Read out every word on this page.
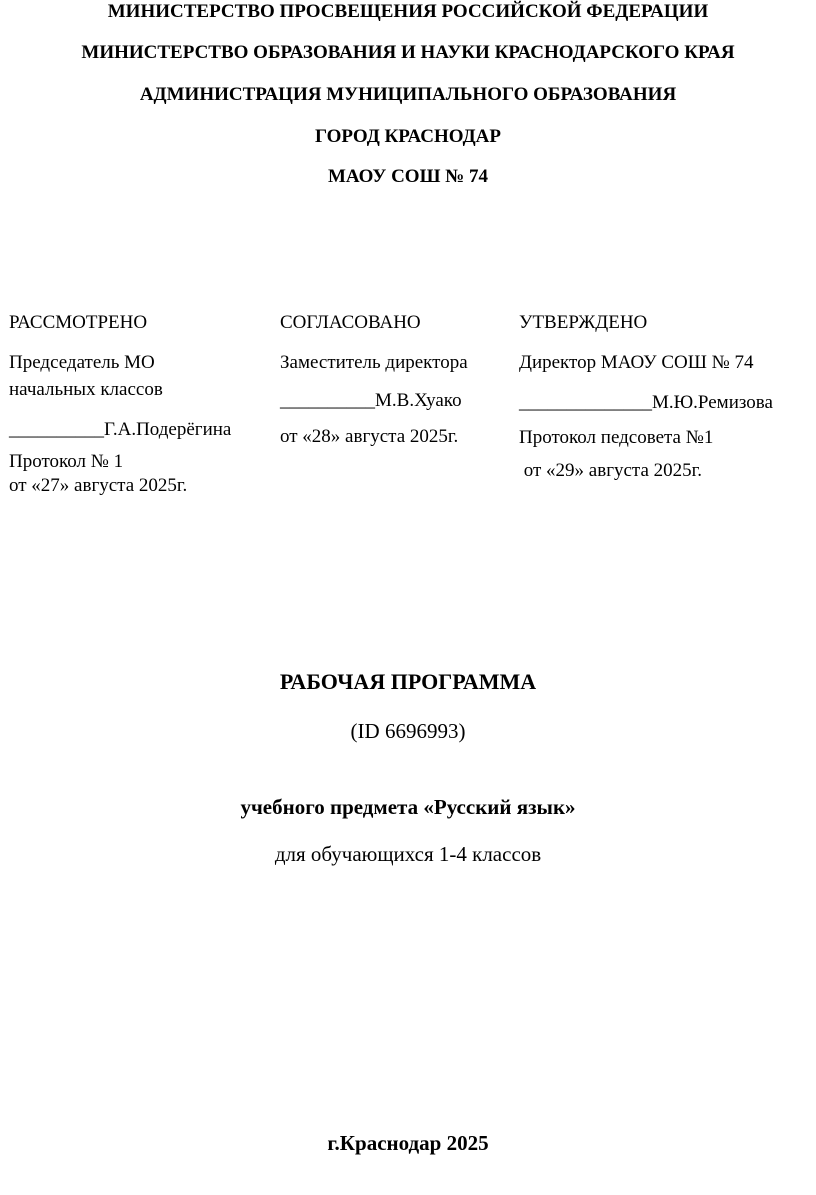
МИНИСТЕРСТВО ПРОСВЕЩЕНИЯ РОССИЙСКОЙ ФЕДЕРАЦИИ
МИНИСТЕРСТВО ОБРАЗОВАНИЯ И НАУКИ КРАСНОДАРСКОГО КРАЯ
АДМИНИСТРАЦИЯ МУНИЦИПАЛЬНОГО ОБРАЗОВАНИЯ
ГОРОД КРАСНОДАР
МАОУ СОШ № 74
РАССМОТРЕНО
Председатель МО
начальных классов
__________Г.А.Подерёгина
Протокол № 1
от «27» августа 2025г.
СОГЛАСОВАНО
Заместитель директора
__________М.В.Хуако
от «28» августа 2025г.
УТВЕРЖДЕНО
Директор МАОУ СОШ № 74
______________М.Ю.Ремизова
Протокол педсовета №1
от «29» августа 2025г.
РАБОЧАЯ ПРОГРАММА
(ID 6696993)
учебного предмета «Русский язык»
для обучающихся 1-4 классов
г.Краснодар 2025
